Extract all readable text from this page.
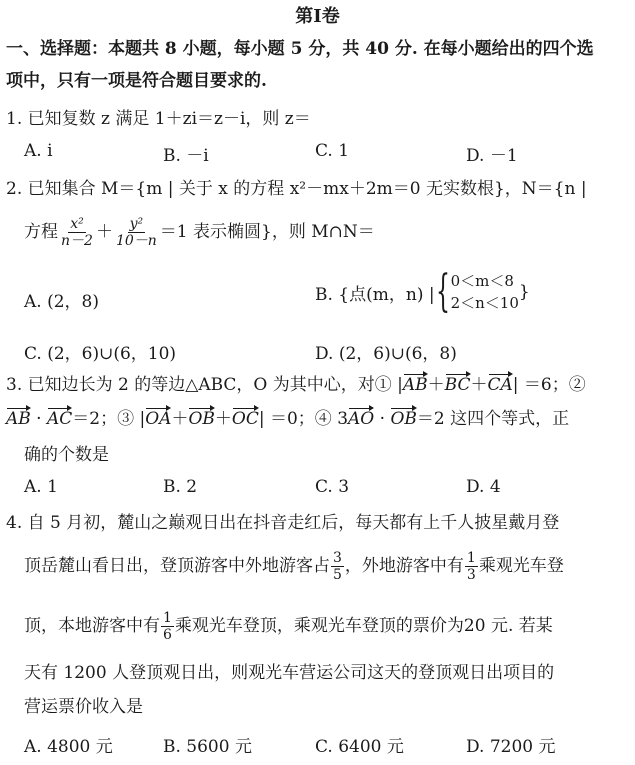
第Ⅰ卷
一、选择题：本题共 8 小题，每小题 5 分，共 40 分. 在每小题给出的四个选
项中，只有一项是符合题目要求的.
1. 已知复数 z 满足 1＋zi＝z－i，则 z＝
A. i	B. －i	C. 1	D. －1
2. 已知集合 M＝{m | 关于 x 的方程 x²－mx＋2m＝0 无实数根}，N＝{n |
方程 $\frac{\text{x²}}{n-2} + \frac{\text{y²}}{10-n} =1$ 表示椭圆}，则 M∩N＝
A. (2，8)	B. {点(m，n) | { 0＜m＜8
2＜n＜10
}
C. (2，6)∪(6，10)	D. (2，6)∪(6，8)
3. 已知边长为 2 的等边△ABC，O 为其中心，对① |AB＋BC＋CA| ＝6；②
AB · AC＝2；③ |OA＋OB＋OC| ＝0；④ 3AO · OB＝2 这四个等式，正
确的个数是
A. 1	B. 2	C. 3	D. 4
4. 自 5 月初，麓山之巅观日出在抖音走红后，每天都有上千人披星戴月登
顶岳麓山看日出，登顶游客中外地游客占 $\frac{3}{5}$ ，外地游客中有 $\frac{1}{3}$ 乘观光车登
顶，本地游客中有 $\frac{1}{6}$ 乘观光车登顶，乘观光车登顶的票价为20 元. 若某
天有 1200 人登顶观日出，则观光车营运公司这天的登顶观日出项目的
营运票价收入是
A. 4800 元	B. 5600 元	C. 6400 元	D. 7200 元
